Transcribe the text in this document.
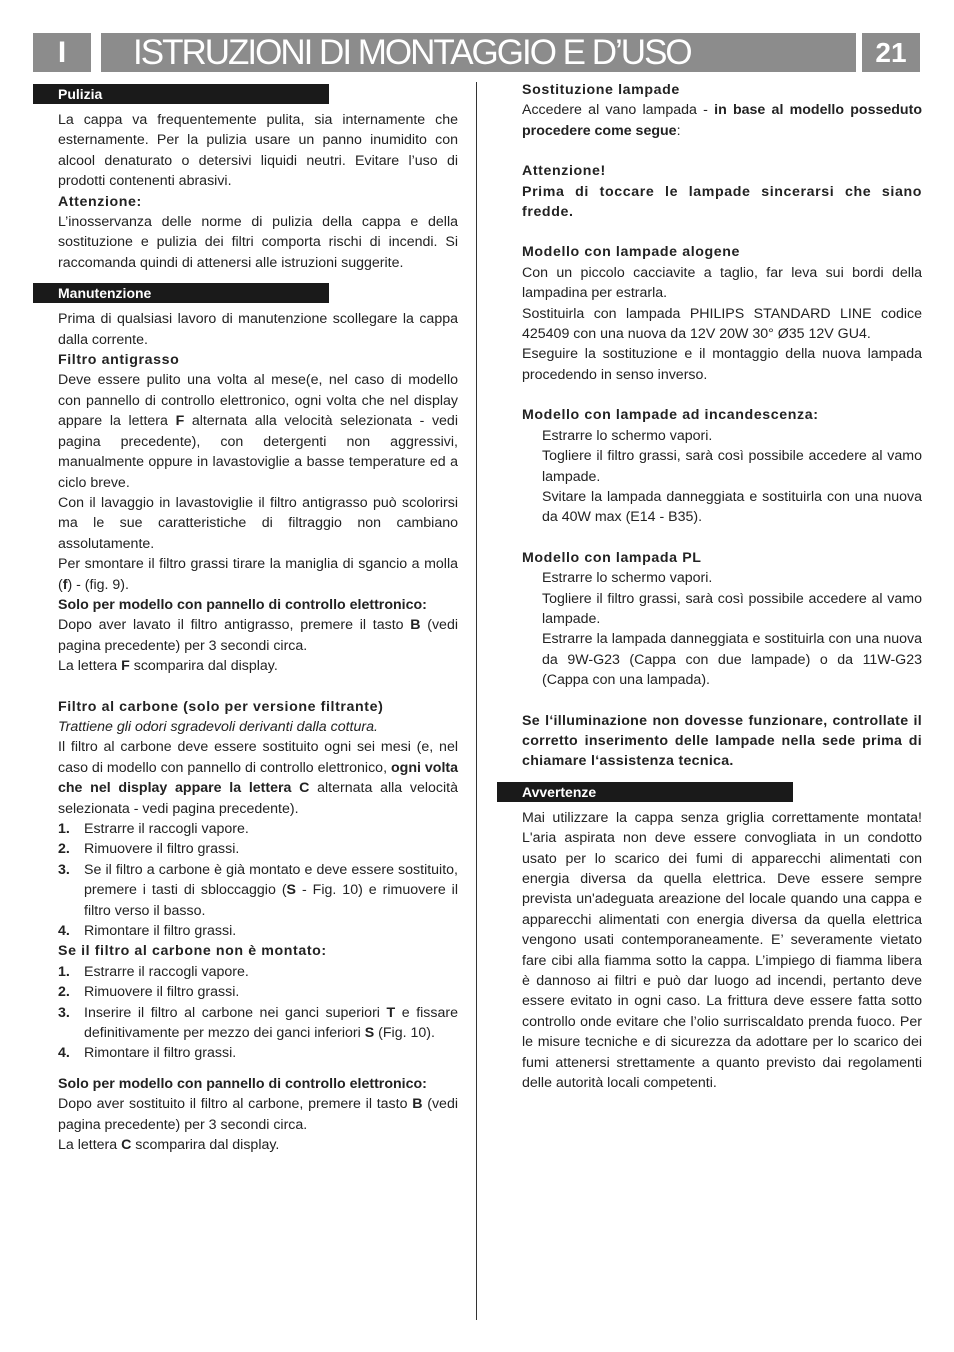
I ISTRUZIONI DI MONTAGGIO E D’USO	21
Pulizia

La cappa va frequentemente pulita, sia internamente che esternamente. Per la pulizia usare un panno inumidito con alcool denaturato o detersivi liquidi neutri. Evitare l’uso di prodotti contenenti abrasivi.

Attenzione:

L’inosservanza delle norme di pulizia della cappa e della sostituzione e pulizia dei filtri comporta rischi di incendi. Si raccomanda quindi di attenersi alle istruzioni suggerite.

Manutenzione

Prima di qualsiasi lavoro di manutenzione scollegare la cappa dalla corrente.

Filtro antigrasso

Deve essere pulito una volta al mese(e, nel caso di modello con pannello di controllo elettronico, ogni volta che nel display appare la lettera F alternata alla velocità selezionata - vedi pagina precedente), con detergenti non aggressivi, manualmente oppure in lavastoviglie a basse temperature ed a ciclo breve.

Con il lavaggio in lavastoviglie il filtro antigrasso può scolorirsi ma le sue caratteristiche di filtraggio non cambiano assolutamente.

Per smontare il filtro grassi tirare la maniglia di sgancio a molla (f) - (fig. 9).

Solo per modello con pannello di controllo elettronico:

Dopo aver lavato il filtro antigrasso, premere il tasto B (vedi pagina precedente) per 3 secondi circa.

La lettera F scomparira dal display.

Filtro al carbone (solo per versione filtrante)

Trattiene gli odori sgradevoli derivanti dalla cottura.

Il filtro al carbone deve essere sostituito ogni sei mesi (e, nel caso di modello con pannello di controllo elettronico, ogni volta che nel display appare la lettera C alternata alla velocità selezionata - vedi pagina precedente).

1. Estrarre il raccogli vapore.
2. Rimuovere il filtro grassi.
3. Se il filtro a carbone è già montato e deve essere sostituito, premere i tasti di sbloccaggio (S - Fig. 10) e rimuovere il filtro verso il basso.
4. Rimontare il filtro grassi.

Se il filtro al carbone non è montato:

1. Estrarre il raccogli vapore.
2. Rimuovere il filtro grassi.
3. Inserire il filtro al carbone nei ganci superiori T e fissare definitivamente per mezzo dei ganci inferiori S (Fig. 10).
4. Rimontare il filtro grassi.

Solo per modello con pannello di controllo elettronico:

Dopo aver sostituito il filtro al carbone, premere il tasto B (vedi pagina precedente) per 3 secondi circa.

La lettera C scomparira dal display.

Sostituzione lampade

Accedere al vano lampada - in base al modello posseduto procedere come segue:

Attenzione!

Prima di toccare le lampade sincerarsi che siano fredde.

Modello con lampade alogene

Con un piccolo cacciavite a taglio, far leva sui bordi della lampadina per estrarla.

Sostituirla con lampada PHILIPS STANDARD LINE codice 425409 con una nuova da 12V 20W 30° Ø35 12V GU4.

Eseguire la sostituzione e il montaggio della nuova lampada procedendo in senso inverso.

Modello con lampade ad incandescenza:

Estrarre lo schermo vapori.

Togliere il filtro grassi, sarà così possibile accedere al vamo lampade.

Svitare la lampada danneggiata e sostituirla con una nuova da 40W max (E14 - B35).

Modello con lampada PL

Estrarre lo schermo vapori.

Togliere il filtro grassi, sarà così possibile accedere al vamo lampade.

Estrarre la lampada danneggiata e sostituirla con una nuova da 9W-G23 (Cappa con due lampade) o da 11W-G23 (Cappa con una lampada).

Se l‘illuminazione non dovesse funzionare, controllate il corretto inserimento delle lampade nella sede prima di chiamare l‘assistenza tecnica.

Avvertenze

Mai utilizzare la cappa senza griglia correttamente montata! L'aria aspirata non deve essere convogliata in un condotto usato per lo scarico dei fumi di apparecchi alimentati con energia diversa da quella elettrica. Deve essere sempre prevista un'adeguata areazione del locale quando una cappa e apparecchi alimentati con energia diversa da quella elettrica vengono usati contemporaneamente. E’ severamente vietato fare cibi alla fiamma sotto la cappa. L’impiego di fiamma libera è dannoso ai filtri e può dar luogo ad incendi, pertanto deve essere evitato in ogni caso. La frittura deve essere fatta sotto controllo onde evitare che l’olio surriscaldato prenda fuoco. Per le misure tecniche e di sicurezza da adottare per lo scarico dei fumi attenersi strettamente a quanto previsto dai regolamenti delle autorità locali competenti.
